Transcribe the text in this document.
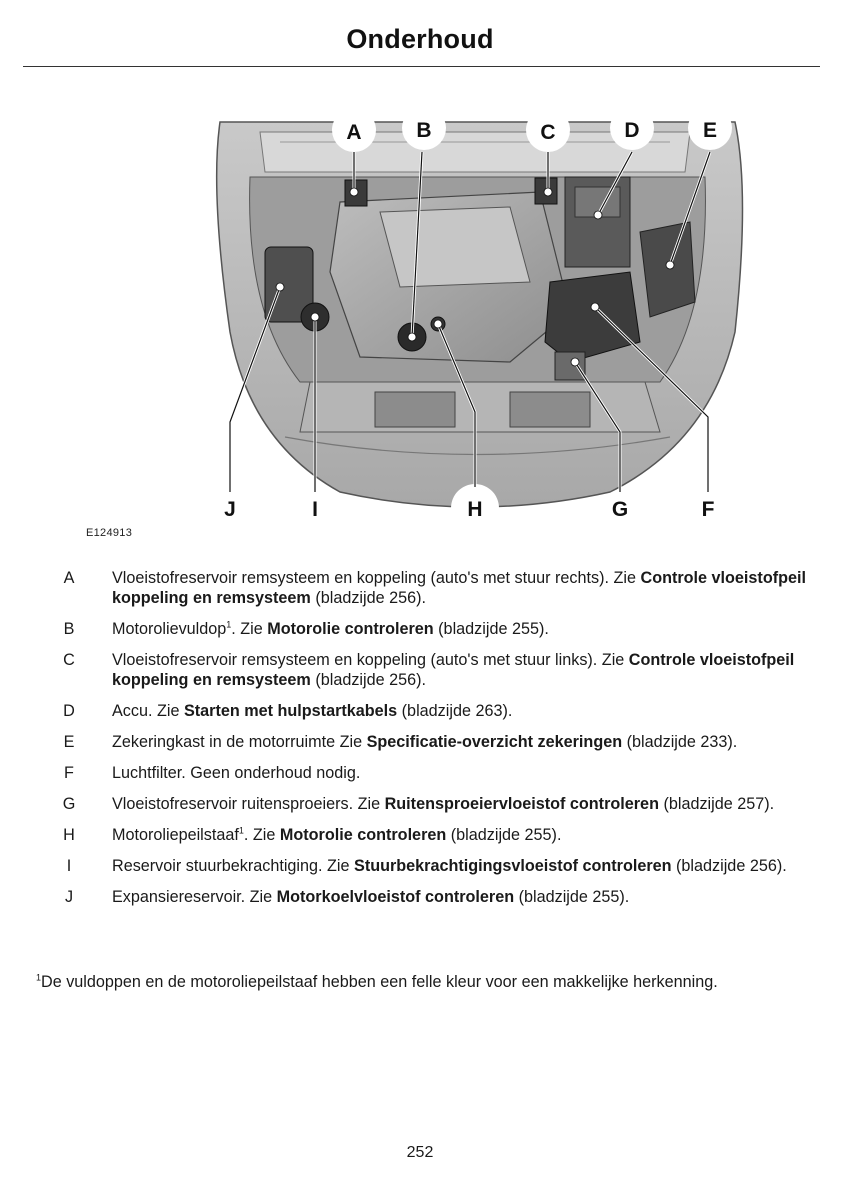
Onderhoud
A	B	C	D	E
F
G
H
I
J
E124913
A	Vloeistofreservoir remsysteem en koppeling (auto's met stuur rechts). Zie Controle vloeistofpeil koppeling en remsysteem (bladzijde 256).
B	Motorolievuldop$^1$. Zie Motorolie controleren (bladzijde 255).
C	Vloeistofreservoir remsysteem en koppeling (auto's met stuur links). Zie Controle vloeistofpeil koppeling en remsysteem (bladzijde 256).
D	Accu. Zie Starten met hulpstartkabels (bladzijde 263).
E	Zekeringkast in de motorruimte Zie Specificatie-overzicht zekeringen (bladzijde 233).
F	Luchtfilter. Geen onderhoud nodig.
G	Vloeistofreservoir ruitensproeiers. Zie Ruitensproeiervloeistof controleren (bladzijde 257).
H	Motoroliepeilstaaf$^1$. Zie Motorolie controleren (bladzijde 255).
I	Reservoir stuurbekrachtiging. Zie Stuurbekrachtigingsvloeistof controleren (bladzijde 256).
J	Expansiereservoir. Zie Motorkoelvloeistof controleren (bladzijde 255).
$^1$De vuldoppen en de motoroliepeilstaaf hebben een felle kleur voor een makkelijke herkenning.
252
